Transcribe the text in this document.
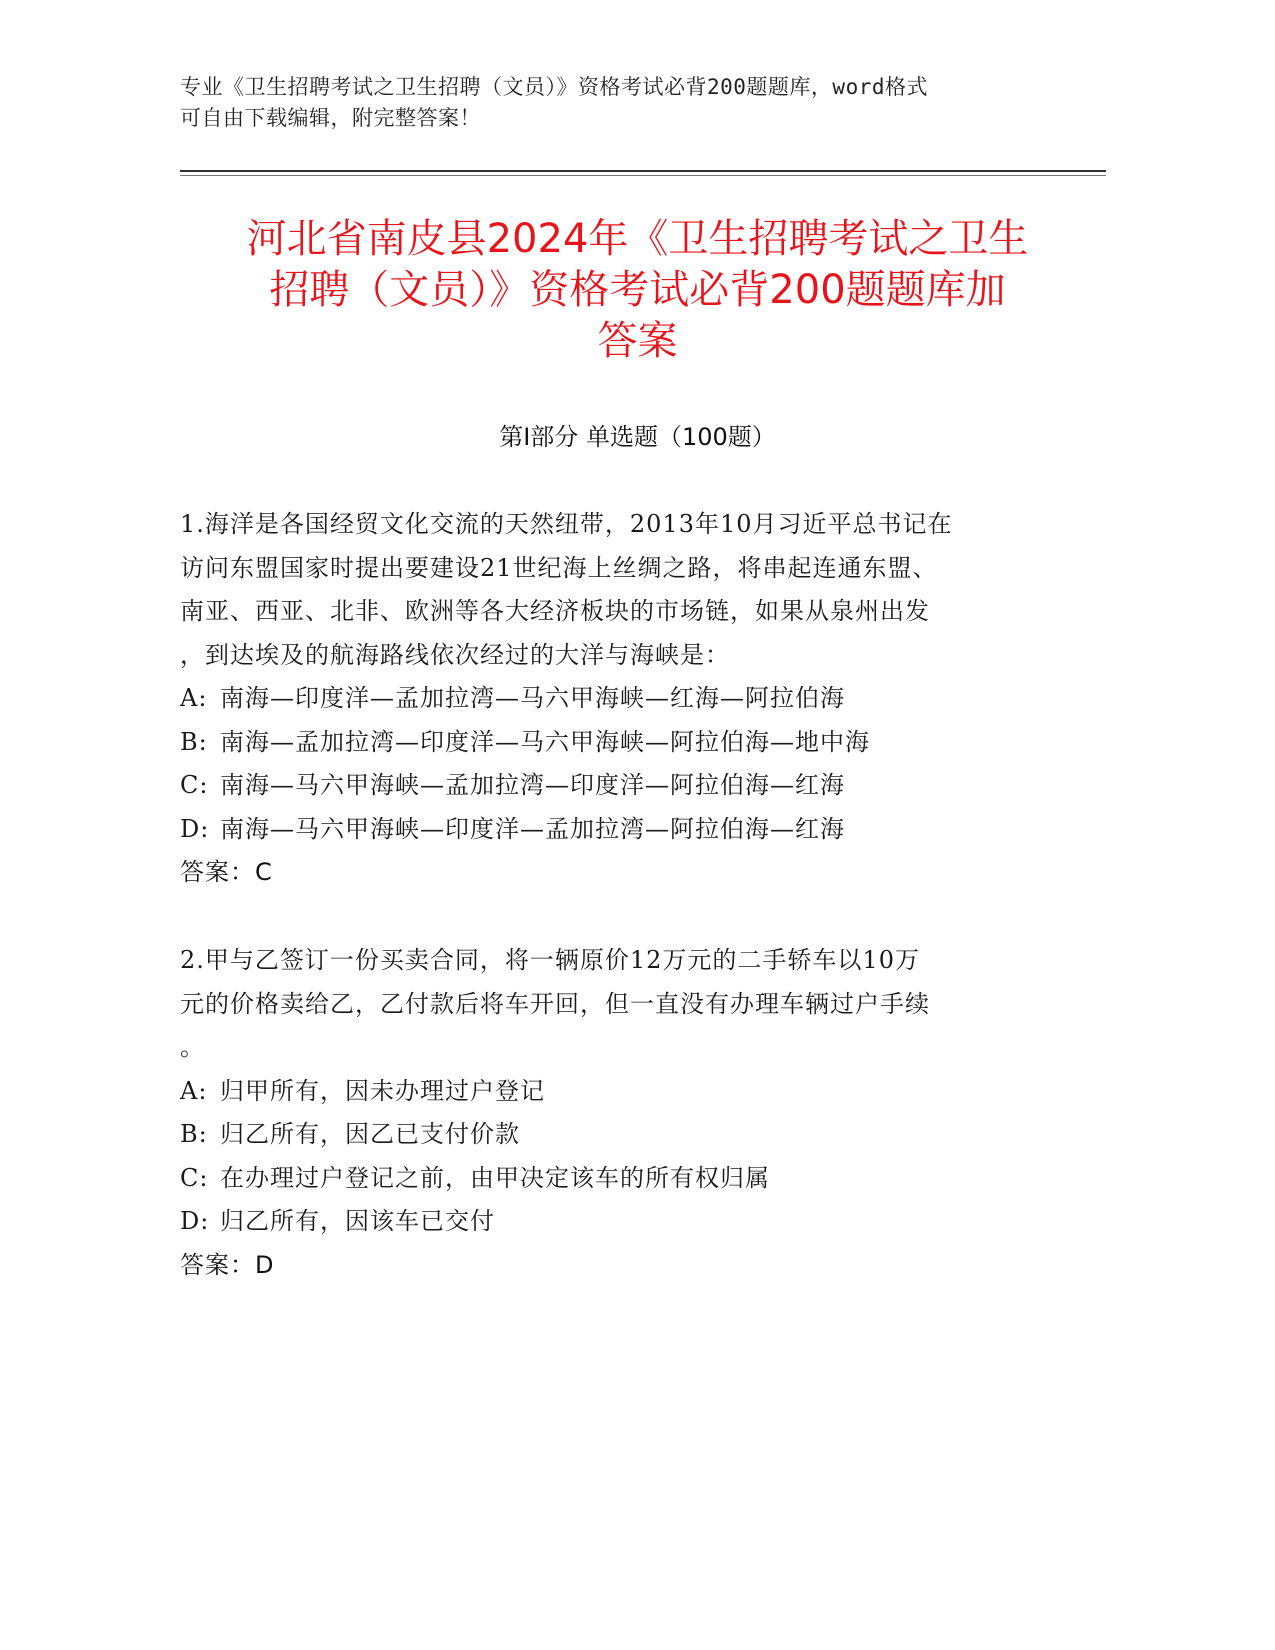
专业《卫生招聘考试之卫生招聘（文员）》资格考试必背200题题库，word格式
可自由下载编辑，附完整答案！
河北省南皮县2024年《卫生招聘考试之卫生
招聘（文员）》资格考试必背200题题库加
答案
第Ⅰ部分 单选题（100题）

1.海洋是各国经贸文化交流的天然纽带，2013年10月习近平总书记在

访问东盟国家时提出要建设21世纪海上丝绸之路，将串起连通东盟、

南亚、西亚、北非、欧洲等各大经济板块的市场链，如果从泉州出发

，到达埃及的航海路线依次经过的大洋与海峡是：

A: 南海—印度洋—孟加拉湾—马六甲海峡—红海—阿拉伯海

B: 南海—孟加拉湾—印度洋—马六甲海峡—阿拉伯海—地中海

C: 南海—马六甲海峡—孟加拉湾—印度洋—阿拉伯海—红海

D: 南海—马六甲海峡—印度洋—孟加拉湾—阿拉伯海—红海

答案：C

2.甲与乙签订一份买卖合同，将一辆原价12万元的二手轿车以10万

元的价格卖给乙，乙付款后将车开回，但一直没有办理车辆过户手续

。

A: 归甲所有，因未办理过户登记

B: 归乙所有，因乙已支付价款

C: 在办理过户登记之前，由甲决定该车的所有权归属

D: 归乙所有，因该车已交付

答案：D
